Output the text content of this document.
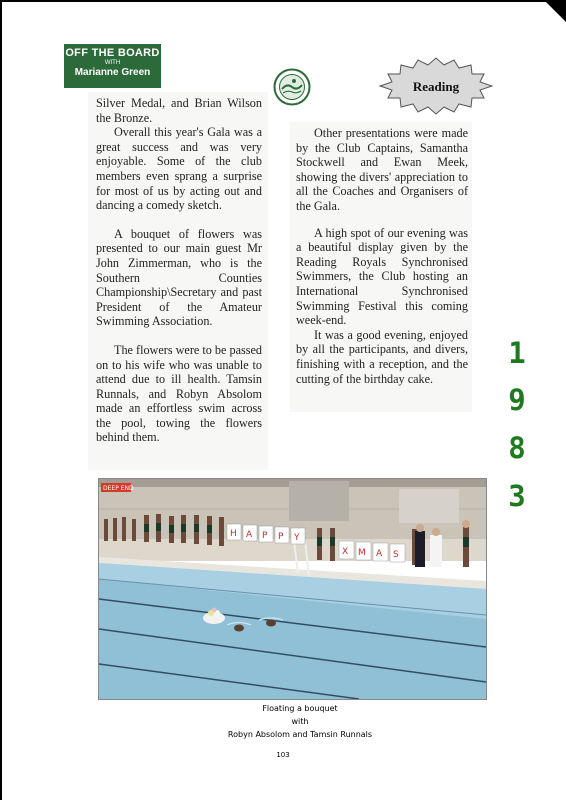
OFF THE BOARD
WITH
Marianne Green
Reading

Silver Medal, and Brian Wilson the Bronze.

Overall this year's Gala was a great success and was very enjoyable. Some of the club members even sprang a surprise for most of us by acting out and dancing a comedy sketch.

A bouquet of flowers was presented to our main guest Mr John Zimmerman, who is the Southern Counties Championship\Secretary and past President of the Amateur Swimming Association.

The flowers were to be passed on to his wife who was unable to attend due to ill health. Tamsin Runnals, and Robyn Absolom made an effortless swim across the pool, towing the flowers behind them.

Other presentations were made by the Club Captains, Samantha Stockwell and Ewan Meek, showing the divers' appreciation to all the Coaches and Organisers of the Gala.

A high spot of our evening was a beautiful display given by the Reading Royals Synchronised Swimmers, the Club hosting an International Synchronised Swimming Festival this coming week-end.

It was a good evening, enjoyed by all the participants, and divers, finishing with a reception, and the cutting of the birthday cake.

1
9
8
3
DEEP END
H A P P Y
X M A S
Floating a bouquet
with
Robyn Absolom and Tamsin Runnals
103
